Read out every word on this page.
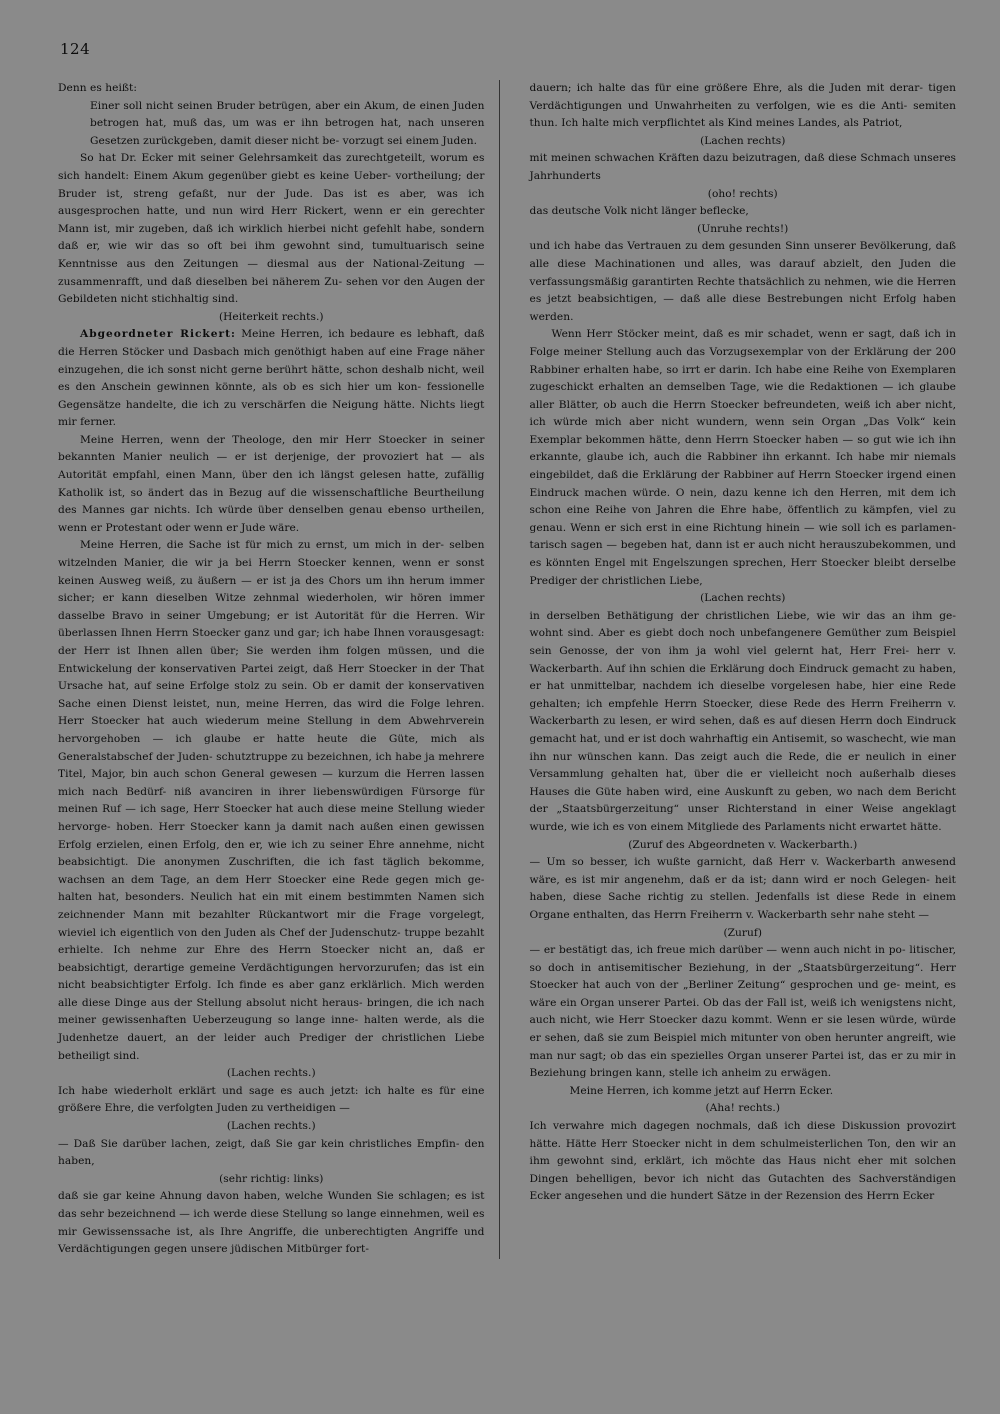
124

Denn es heißt:

Einer soll nicht seinen Bruder betrügen, aber ein Akum, de einen Juden betrogen hat, muß das, um was er ihn betrogen hat, nach unseren Gesetzen zurückgeben, damit dieser nicht be- vorzugt sei einem Juden.

So hat Dr. Ecker mit seiner Gelehrsamkeit das zurechtgeteilt, worum es sich handelt: Einem Akum gegenüber giebt es keine Ueber- vortheilung; der Bruder ist, streng gefaßt, nur der Jude. Das ist es aber, was ich ausgesprochen hatte, und nun wird Herr Rickert, wenn er ein gerechter Mann ist, mir zugeben, daß ich wirklich hierbei nicht gefehlt habe, sondern daß er, wie wir das so oft bei ihm gewohnt sind, tumultuarisch seine Kenntnisse aus den Zeitungen — diesmal aus der National-Zeitung — zusammenrafft, und daß dieselben bei näherem Zu- sehen vor den Augen der Gebildeten nicht stichhaltig sind.

(Heiterkeit rechts.)

Abgeordneter Rickert: Meine Herren, ich bedaure es lebhaft, daß die Herren Stöcker und Dasbach mich genöthigt haben auf eine Frage näher einzugehen, die ich sonst nicht gerne berührt hätte, schon deshalb nicht, weil es den Anschein gewinnen könnte, als ob es sich hier um kon- fessionelle Gegensätze handelte, die ich zu verschärfen die Neigung hätte. Nichts liegt mir ferner.

Meine Herren, wenn der Theologe, den mir Herr Stoecker in seiner bekannten Manier neulich — er ist derjenige, der provoziert hat — als Autorität empfahl, einen Mann, über den ich längst gelesen hatte, zufällig Katholik ist, so ändert das in Bezug auf die wissenschaftliche Beurtheilung des Mannes gar nichts. Ich würde über denselben genau ebenso urtheilen, wenn er Protestant oder wenn er Jude wäre.

Meine Herren, die Sache ist für mich zu ernst, um mich in der- selben witzelnden Manier, die wir ja bei Herrn Stoecker kennen, wenn er sonst keinen Ausweg weiß, zu äußern — er ist ja des Chors um ihn herum immer sicher; er kann dieselben Witze zehnmal wiederholen, wir hören immer dasselbe Bravo in seiner Umgebung; er ist Autorität für die Herren. Wir überlassen Ihnen Herrn Stoecker ganz und gar; ich habe Ihnen vorausgesagt: der Herr ist Ihnen allen über; Sie werden ihm folgen müssen, und die Entwickelung der konservativen Partei zeigt, daß Herr Stoecker in der That Ursache hat, auf seine Erfolge stolz zu sein. Ob er damit der konservativen Sache einen Dienst leistet, nun, meine Herren, das wird die Folge lehren. Herr Stoecker hat auch wiederum meine Stellung in dem Abwehrverein hervorgehoben — ich glaube er hatte heute die Güte, mich als Generalstabschef der Juden- schutztruppe zu bezeichnen, ich habe ja mehrere Titel, Major, bin auch schon General gewesen — kurzum die Herren lassen mich nach Bedürf- niß avanciren in ihrer liebenswürdigen Fürsorge für meinen Ruf — ich sage, Herr Stoecker hat auch diese meine Stellung wieder hervorge- hoben. Herr Stoecker kann ja damit nach außen einen gewissen Erfolg erzielen, einen Erfolg, den er, wie ich zu seiner Ehre annehme, nicht beabsichtigt. Die anonymen Zuschriften, die ich fast täglich bekomme, wachsen an dem Tage, an dem Herr Stoecker eine Rede gegen mich ge- halten hat, besonders. Neulich hat ein mit einem bestimmten Namen sich zeichnender Mann mit bezahlter Rückantwort mir die Frage vorgelegt, wieviel ich eigentlich von den Juden als Chef der Judenschutz- truppe bezahlt erhielte. Ich nehme zur Ehre des Herrn Stoecker nicht an, daß er beabsichtigt, derartige gemeine Verdächtigungen hervorzurufen; das ist ein nicht beabsichtigter Erfolg. Ich finde es aber ganz erklärlich. Mich werden alle diese Dinge aus der Stellung absolut nicht heraus- bringen, die ich nach meiner gewissenhaften Ueberzeugung so lange inne- halten werde, als die Judenhetze dauert, an der leider auch Prediger der christlichen Liebe betheiligt sind.

(Lachen rechts.)

Ich habe wiederholt erklärt und sage es auch jetzt: ich halte es für eine größere Ehre, die verfolgten Juden zu vertheidigen —

(Lachen rechts.)

— Daß Sie darüber lachen, zeigt, daß Sie gar kein christliches Empfin- den haben,

(sehr richtig: links)

daß sie gar keine Ahnung davon haben, welche Wunden Sie schlagen; es ist das sehr bezeichnend — ich werde diese Stellung so lange einnehmen, weil es mir Gewissenssache ist, als Ihre Angriffe, die unberechtigten Angriffe und Verdächtigungen gegen unsere jüdischen Mitbürger fort-

dauern; ich halte das für eine größere Ehre, als die Juden mit derar- tigen Verdächtigungen und Unwahrheiten zu verfolgen, wie es die Anti- semiten thun. Ich halte mich verpflichtet als Kind meines Landes, als Patriot,

(Lachen rechts)

mit meinen schwachen Kräften dazu beizutragen, daß diese Schmach unseres Jahrhunderts

(oho! rechts)

das deutsche Volk nicht länger beflecke,

(Unruhe rechts!)

und ich habe das Vertrauen zu dem gesunden Sinn unserer Bevölkerung, daß alle diese Machinationen und alles, was darauf abzielt, den Juden die verfassungsmäßig garantirten Rechte thatsächlich zu nehmen, wie die Herren es jetzt beabsichtigen, — daß alle diese Bestrebungen nicht Erfolg haben werden.

Wenn Herr Stöcker meint, daß es mir schadet, wenn er sagt, daß ich in Folge meiner Stellung auch das Vorzugsexemplar von der Erklärung der 200 Rabbiner erhalten habe, so irrt er darin. Ich habe eine Reihe von Exemplaren zugeschickt erhalten an demselben Tage, wie die Redaktionen — ich glaube aller Blätter, ob auch die Herrn Stoecker befreundeten, weiß ich aber nicht, ich würde mich aber nicht wundern, wenn sein Organ „Das Volk“ kein Exemplar bekommen hätte, denn Herrn Stoecker haben — so gut wie ich ihn erkannte, glaube ich, auch die Rabbiner ihn erkannt. Ich habe mir niemals eingebildet, daß die Erklärung der Rabbiner auf Herrn Stoecker irgend einen Eindruck machen würde. O nein, dazu kenne ich den Herren, mit dem ich schon eine Reihe von Jahren die Ehre habe, öffentlich zu kämpfen, viel zu genau. Wenn er sich erst in eine Richtung hinein — wie soll ich es parlamen- tarisch sagen — begeben hat, dann ist er auch nicht herauszubekommen, und es könnten Engel mit Engelszungen sprechen, Herr Stoecker bleibt derselbe Prediger der christlichen Liebe,

(Lachen rechts)

in derselben Bethätigung der christlichen Liebe, wie wir das an ihm ge- wohnt sind. Aber es giebt doch noch unbefangenere Gemüther zum Beispiel sein Genosse, der von ihm ja wohl viel gelernt hat, Herr Frei- herr v. Wackerbarth. Auf ihn schien die Erklärung doch Eindruck gemacht zu haben, er hat unmittelbar, nachdem ich dieselbe vorgelesen habe, hier eine Rede gehalten; ich empfehle Herrn Stoecker, diese Rede des Herrn Freiherrn v. Wackerbarth zu lesen, er wird sehen, daß es auf diesen Herrn doch Eindruck gemacht hat, und er ist doch wahrhaftig ein Antisemit, so waschecht, wie man ihn nur wünschen kann. Das zeigt auch die Rede, die er neulich in einer Versammlung gehalten hat, über die er vielleicht noch außerhalb dieses Hauses die Güte haben wird, eine Auskunft zu geben, wo nach dem Bericht der „Staatsbürgerzeitung“ unser Richterstand in einer Weise angeklagt wurde, wie ich es von einem Mitgliede des Parlaments nicht erwartet hätte.

(Zuruf des Abgeordneten v. Wackerbarth.)

— Um so besser, ich wußte garnicht, daß Herr v. Wackerbarth anwesend wäre, es ist mir angenehm, daß er da ist; dann wird er noch Gelegen- heit haben, diese Sache richtig zu stellen. Jedenfalls ist diese Rede in einem Organe enthalten, das Herrn Freiherrn v. Wackerbarth sehr nahe steht —

(Zuruf)

— er bestätigt das, ich freue mich darüber — wenn auch nicht in po- litischer, so doch in antisemitischer Beziehung, in der „Staatsbürgerzeitung“. Herr Stoecker hat auch von der „Berliner Zeitung“ gesprochen und ge- meint, es wäre ein Organ unserer Partei. Ob das der Fall ist, weiß ich wenigstens nicht, auch nicht, wie Herr Stoecker dazu kommt. Wenn er sie lesen würde, würde er sehen, daß sie zum Beispiel mich mitunter von oben herunter angreift, wie man nur sagt; ob das ein spezielles Organ unserer Partei ist, das er zu mir in Beziehung bringen kann, stelle ich anheim zu erwägen.

Meine Herren, ich komme jetzt auf Herrn Ecker.

(Aha! rechts.)

Ich verwahre mich dagegen nochmals, daß ich diese Diskussion provozirt hätte. Hätte Herr Stoecker nicht in dem schulmeisterlichen Ton, den wir an ihm gewohnt sind, erklärt, ich möchte das Haus nicht eher mit solchen Dingen behelligen, bevor ich nicht das Gutachten des Sachverständigen Ecker angesehen und die hundert Sätze in der Rezension des Herrn Ecker
